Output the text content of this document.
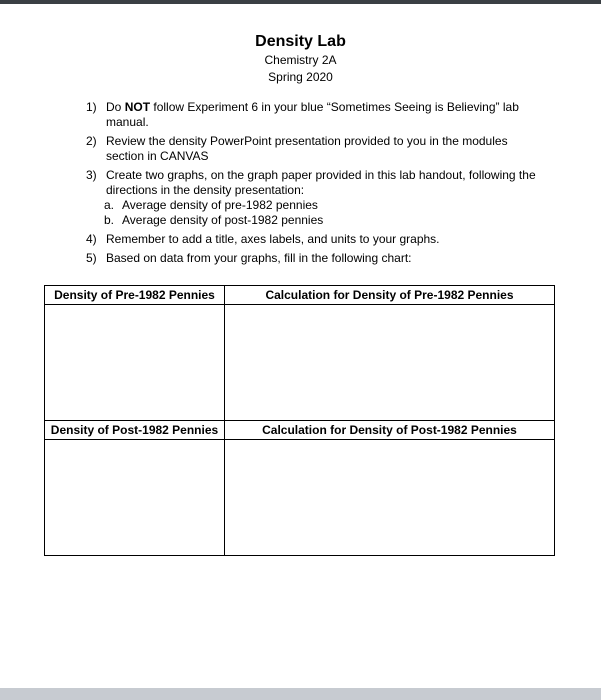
Density Lab
Chemistry 2A
Spring 2020
1) Do NOT follow Experiment 6 in your blue “Sometimes Seeing is Believing” lab manual.
2) Review the density PowerPoint presentation provided to you in the modules section in CANVAS
3) Create two graphs, on the graph paper provided in this lab handout, following the directions in the density presentation:
a. Average density of pre-1982 pennies
b. Average density of post-1982 pennies
4) Remember to add a title, axes labels, and units to your graphs.
5) Based on data from your graphs, fill in the following chart:
Density of Pre-1982 Pennies	Calculation for Density of Pre-1982 Pennies

Density of Post-1982 Pennies	Calculation for Density of Post-1982 Pennies
